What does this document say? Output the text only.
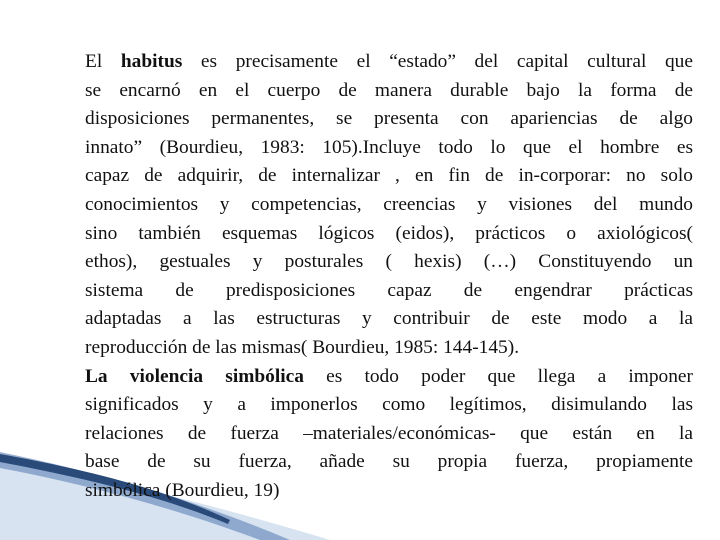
El habitus es precisamente el “estado” del capital cultural que
se encarnó en el cuerpo de manera durable bajo la forma de
disposiciones permanentes, se presenta con apariencias de algo
innato” (Bourdieu, 1983: 105).Incluye todo lo que el hombre es
capaz de adquirir, de internalizar , en fin de in-corporar: no solo
conocimientos y competencias, creencias y visiones del mundo
sino también esquemas lógicos (eidos), prácticos o axiológicos(
ethos), gestuales y posturales ( hexis) (…) Constituyendo un
sistema de predisposiciones capaz de engendrar prácticas
adaptadas a las estructuras y contribuir de este modo a la
reproducción de las mismas( Bourdieu, 1985: 144-145).
La violencia simbólica es todo poder que llega a imponer
significados y a imponerlos como legítimos, disimulando las
relaciones de fuerza –materiales/económicas- que están en la
base de su fuerza, añade su propia fuerza, propiamente
simbólica (Bourdieu, 19)
